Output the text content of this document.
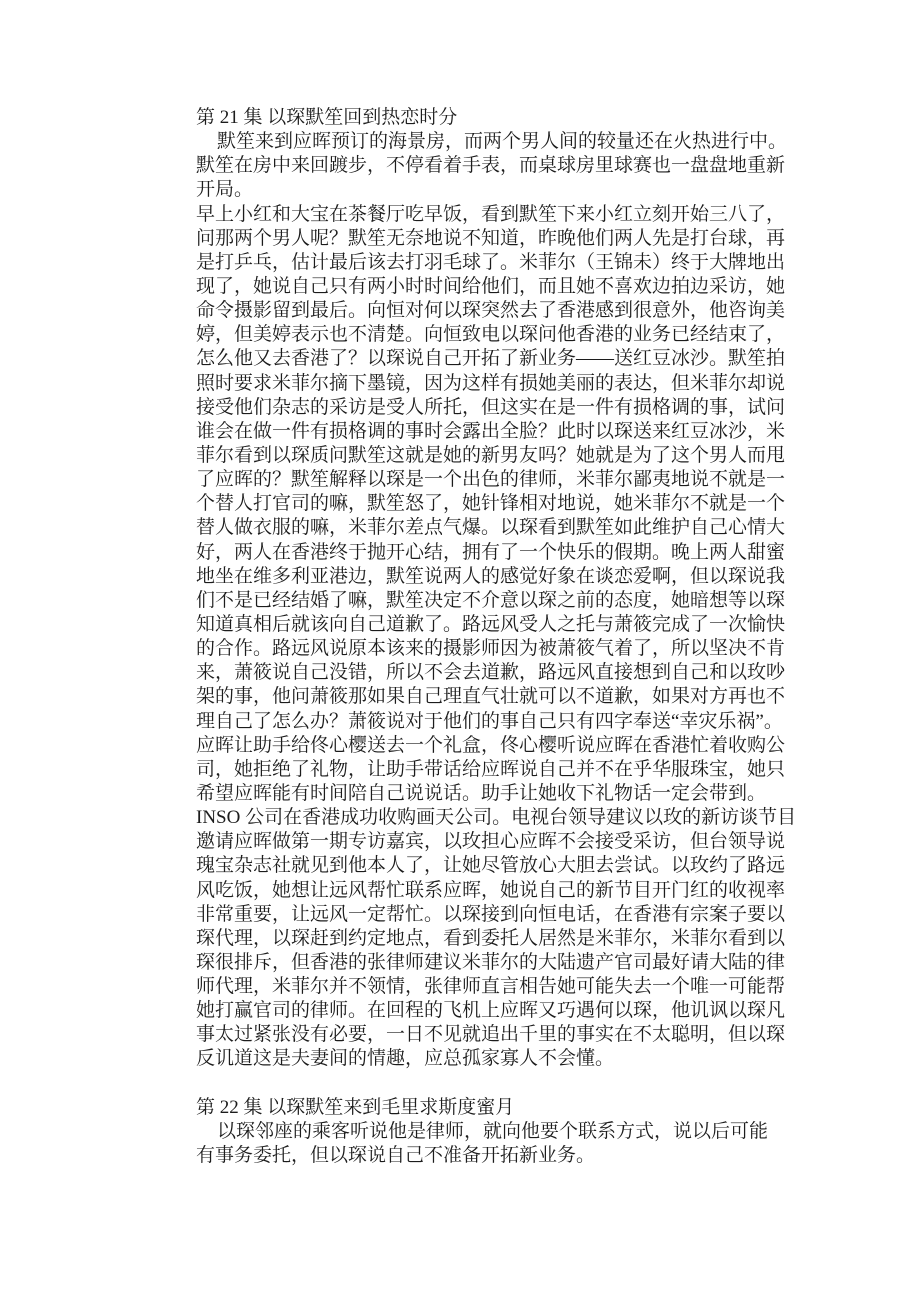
第 21 集 以琛默笙回到热恋时分
默笙来到应晖预订的海景房，而两个男人间的较量还在火热进行中。
默笙在房中来回踱步，不停看着手表，而桌球房里球赛也一盘盘地重新
开局。
早上小红和大宝在茶餐厅吃早饭，看到默笙下来小红立刻开始三八了，
问那两个男人呢？默笙无奈地说不知道，昨晚他们两人先是打台球，再
是打乒乓，估计最后该去打羽毛球了。米菲尔（王锦未）终于大牌地出
现了，她说自己只有两小时时间给他们，而且她不喜欢边拍边采访，她
命令摄影留到最后。向恒对何以琛突然去了香港感到很意外，他咨询美
婷，但美婷表示也不清楚。向恒致电以琛问他香港的业务已经结束了，
怎么他又去香港了？以琛说自己开拓了新业务——送红豆冰沙。默笙拍
照时要求米菲尔摘下墨镜，因为这样有损她美丽的表达，但米菲尔却说
接受他们杂志的采访是受人所托，但这实在是一件有损格调的事，试问
谁会在做一件有损格调的事时会露出全脸？此时以琛送来红豆冰沙，米
菲尔看到以琛质问默笙这就是她的新男友吗？她就是为了这个男人而甩
了应晖的？默笙解释以琛是一个出色的律师，米菲尔鄙夷地说不就是一
个替人打官司的嘛，默笙怒了，她针锋相对地说，她米菲尔不就是一个
替人做衣服的嘛，米菲尔差点气爆。以琛看到默笙如此维护自己心情大
好，两人在香港终于抛开心结，拥有了一个快乐的假期。晚上两人甜蜜
地坐在维多利亚港边，默笙说两人的感觉好象在谈恋爱啊，但以琛说我
们不是已经结婚了嘛，默笙决定不介意以琛之前的态度，她暗想等以琛
知道真相后就该向自己道歉了。路远风受人之托与萧筱完成了一次愉快
的合作。路远风说原本该来的摄影师因为被萧筱气着了，所以坚决不肯
来，萧筱说自己没错，所以不会去道歉，路远风直接想到自己和以玫吵
架的事，他问萧筱那如果自己理直气壮就可以不道歉，如果对方再也不
理自己了怎么办？萧筱说对于他们的事自己只有四字奉送“幸灾乐祸”。
应晖让助手给佟心樱送去一个礼盒，佟心樱听说应晖在香港忙着收购公
司，她拒绝了礼物，让助手带话给应晖说自己并不在乎华服珠宝，她只
希望应晖能有时间陪自己说说话。助手让她收下礼物话一定会带到。
INSO 公司在香港成功收购画天公司。电视台领导建议以玫的新访谈节目
邀请应晖做第一期专访嘉宾，以玫担心应晖不会接受采访，但台领导说
瑰宝杂志社就见到他本人了，让她尽管放心大胆去尝试。以玫约了路远
风吃饭，她想让远风帮忙联系应晖，她说自己的新节目开门红的收视率
非常重要，让远风一定帮忙。以琛接到向恒电话，在香港有宗案子要以
琛代理，以琛赶到约定地点，看到委托人居然是米菲尔，米菲尔看到以
琛很排斥，但香港的张律师建议米菲尔的大陆遗产官司最好请大陆的律
师代理，米菲尔并不领情，张律师直言相告她可能失去一个唯一可能帮
她打赢官司的律师。在回程的飞机上应晖又巧遇何以琛，他讥讽以琛凡
事太过紧张没有必要，一日不见就追出千里的事实在不太聪明，但以琛
反讥道这是夫妻间的情趣，应总孤家寡人不会懂。

第 22 集 以琛默笙来到毛里求斯度蜜月
以琛邻座的乘客听说他是律师，就向他要个联系方式，说以后可能
有事务委托，但以琛说自己不准备开拓新业务。
